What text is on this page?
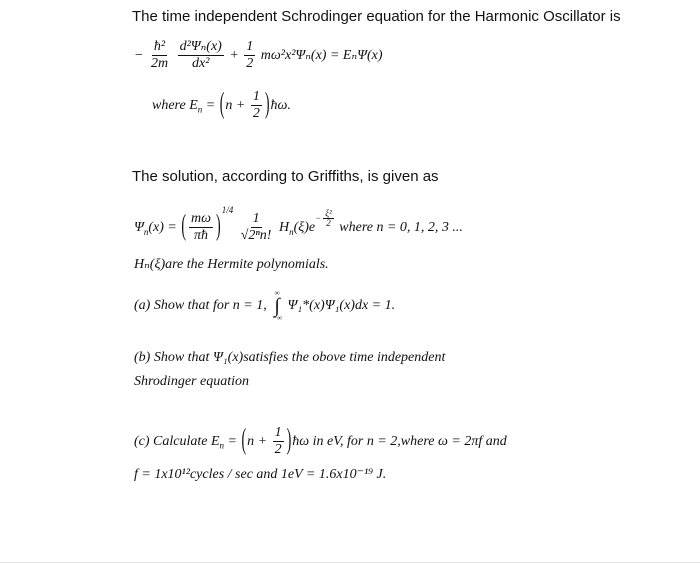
The time independent Schrodinger equation for the Harmonic Oscillator is
− $\frac{\text{ħ²}}{2m}$
$\frac{\text{d²Ψₙ(x)}}{\text{dx²}} + \frac{1}{2} m\omega^2x^2\Psi_n(x) = E_n\Psi(x)$
where $E_n = (n + \frac{1}{2}$ )ħω.
The solution, according to Griffiths, is given as
$\Psi_n(x)$ = ( $\frac{m\omega}{\pi ħ} )^{1/4}$
$\frac{1}{\text{√2ⁿn!}} H_n(\xi)e- \frac{\text{ξ²}}{2}$ where n = 0, 1, 2, 3 ...
Hₙ(ξ)are the Hermite polynomials.
(a) Show that for n = 1,
∞
∫
−∞
Ψ₁*(x)Ψ₁(x)dx = 1.
(b) Show that Ψ₁(x)satisfies the obove time independent
Shrodinger equation
(c) Calculate $E_n = (n + \frac{1}{2}$ )ħω in eV, for n = 2,where ω = 2πf and
f = 1x10¹²cycles / sec and 1eV = 1.6x10⁻¹⁹ J.
